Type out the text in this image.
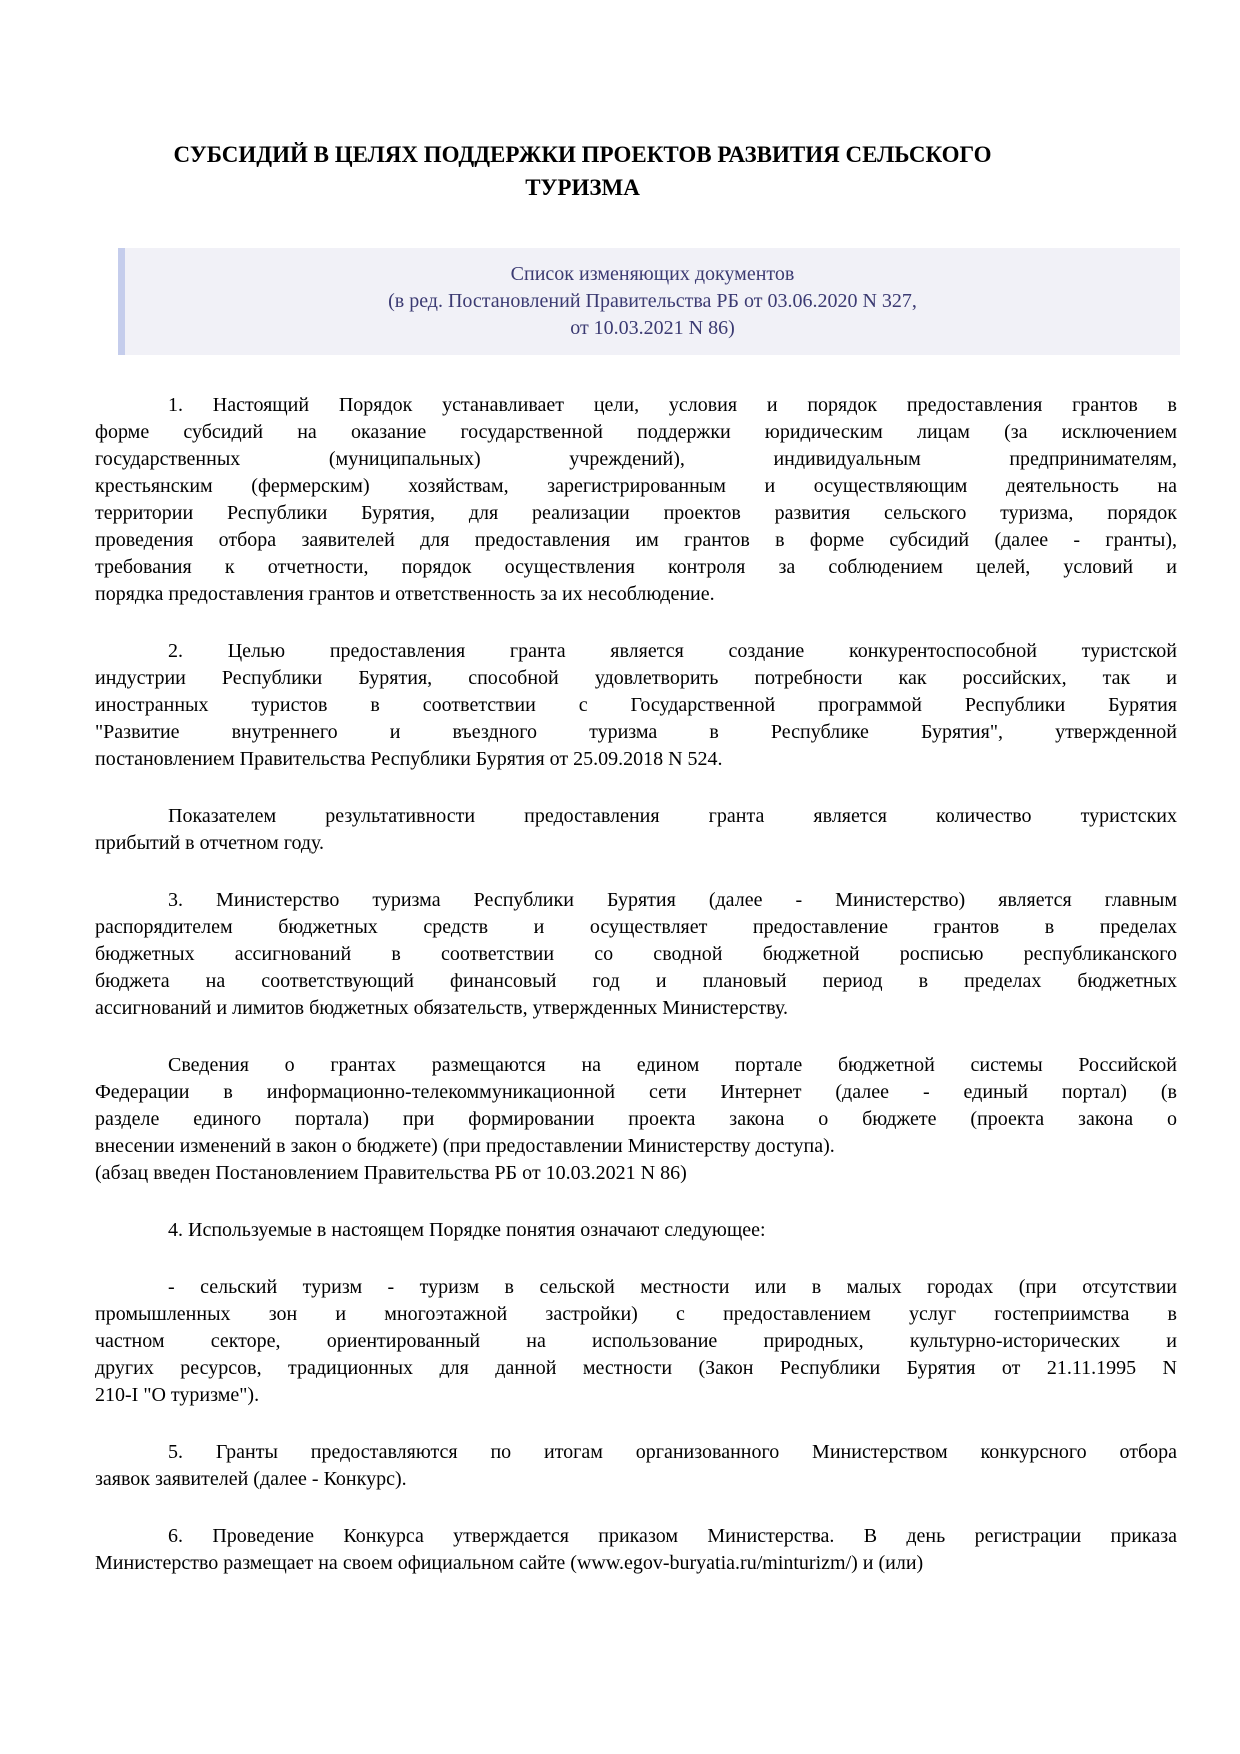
СУБСИДИЙ В ЦЕЛЯХ ПОДДЕРЖКИ ПРОЕКТОВ РАЗВИТИЯ СЕЛЬСКОГО
ТУРИЗМА
Список изменяющих документов
(в ред. Постановлений Правительства РБ от 03.06.2020 N 327,
от 10.03.2021 N 86)

1. Настоящий Порядок устанавливает цели, условия и порядок предоставления грантов в
форме субсидий на оказание государственной поддержки юридическим лицам (за исключением
государственных (муниципальных) учреждений), индивидуальным предпринимателям,
крестьянским (фермерским) хозяйствам, зарегистрированным и осуществляющим деятельность на
территории Республики Бурятия, для реализации проектов развития сельского туризма, порядок
проведения отбора заявителей для предоставления им грантов в форме субсидий (далее - гранты),
требования к отчетности, порядок осуществления контроля за соблюдением целей, условий и
порядка предоставления грантов и ответственность за их несоблюдение.

2. Целью предоставления гранта является создание конкурентоспособной туристской
индустрии Республики Бурятия, способной удовлетворить потребности как российских, так и
иностранных туристов в соответствии с Государственной программой Республики Бурятия
"Развитие внутреннего и въездного туризма в Республике Бурятия", утвержденной
постановлением Правительства Республики Бурятия от 25.09.2018 N 524.

Показателем результативности предоставления гранта является количество туристских
прибытий в отчетном году.

3. Министерство туризма Республики Бурятия (далее - Министерство) является главным
распорядителем бюджетных средств и осуществляет предоставление грантов в пределах
бюджетных ассигнований в соответствии со сводной бюджетной росписью республиканского
бюджета на соответствующий финансовый год и плановый период в пределах бюджетных
ассигнований и лимитов бюджетных обязательств, утвержденных Министерству.

Сведения о грантах размещаются на едином портале бюджетной системы Российской
Федерации в информационно-телекоммуникационной сети Интернет (далее - единый портал) (в
разделе единого портала) при формировании проекта закона о бюджете (проекта закона о
внесении изменений в закон о бюджете) (при предоставлении Министерству доступа).

(абзац введен Постановлением Правительства РБ от 10.03.2021 N 86)

4. Используемые в настоящем Порядке понятия означают следующее:

- сельский туризм - туризм в сельской местности или в малых городах (при отсутствии
промышленных зон и многоэтажной застройки) с предоставлением услуг гостеприимства в
частном секторе, ориентированный на использование природных, культурно-исторических и
других ресурсов, традиционных для данной местности (Закон Республики Бурятия от 21.11.1995 N
210-I "О туризме").

5. Гранты предоставляются по итогам организованного Министерством конкурсного отбора
заявок заявителей (далее - Конкурс).

6. Проведение Конкурса утверждается приказом Министерства. В день регистрации приказа
Министерство размещает на своем официальном сайте (www.egov-buryatia.ru/minturizm/) и (или)
